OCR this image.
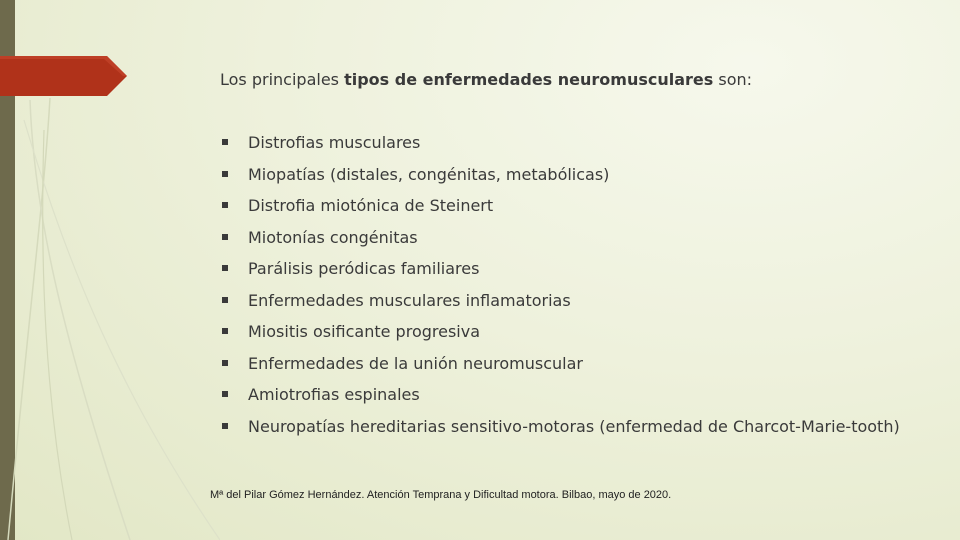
Los principales tipos de enfermedades neuromusculares son:
Distrofias musculares
Miopatías (distales, congénitas, metabólicas)
Distrofia miotónica de Steinert
Miotonías congénitas
Parálisis peródicas familiares
Enfermedades musculares inflamatorias
Miositis osificante progresiva
Enfermedades de la unión neuromuscular
Amiotrofias espinales
Neuropatías hereditarias sensitivo-motoras (enfermedad de Charcot-Marie-tooth)
Mª del Pilar Gómez Hernández. Atención Temprana y Dificultad motora. Bilbao, mayo de 2020.
